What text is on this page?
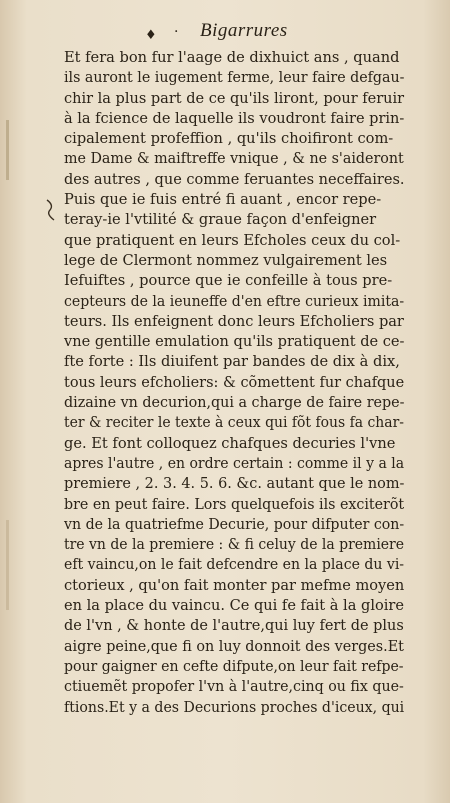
♦ · Bigarrures
Et fera bon fur l'aage de dixhuict ans , quand
ils auront le iugement ferme, leur faire defgau-
chir la plus part de ce qu'ils liront, pour feruir
à la fcience de laquelle ils voudront faire prin-
cipalement profeffion , qu'ils choifiront com-
me Dame & maiftreffe vnique , & ne s'aideront
des autres , que comme feruantes neceffaires.
Puis que ie fuis entré fi auant , encor repe-
teray-ie l'vtilité & graue façon d'enfeigner
que pratiquent en leurs Efcholes ceux du col-
lege de Clermont nommez vulgairement les
Iefuiftes , pource que ie confeille à tous pre-
cepteurs de la ieuneffe d'en eftre curieux imita-
teurs. Ils enfeignent donc leurs Efcholiers par
vne gentille emulation qu'ils pratiquent de ce-
fte forte : Ils diuifent par bandes de dix à dix,
tous leurs efcholiers: & cõmettent fur chafque
dizaine vn decurion,qui a charge de faire repe-
ter & reciter le texte à ceux qui fõt fous fa char-
ge. Et font colloquez chafques decuries l'vne
apres l'autre , en ordre certain : comme il y a la
premiere , 2. 3. 4. 5. 6. &c. autant que le nom-
bre en peut faire. Lors quelquefois ils exciterõt
vn de la quatriefme Decurie, pour difputer con-
tre vn de la premiere : & fi celuy de la premiere
eft vaincu,on le fait defcendre en la place du vi-
ctorieux , qu'on fait monter par mefme moyen
en la place du vaincu. Ce qui fe fait à la gloire
de l'vn , & honte de l'autre,qui luy fert de plus
aigre peine,que fi on luy donnoit des verges.Et
pour gaigner en cefte difpute,on leur fait refpe-
ctiuemẽt propofer l'vn à l'autre,cinq ou fix que-
ftions.Et y a des Decurions proches d'iceux, qui
